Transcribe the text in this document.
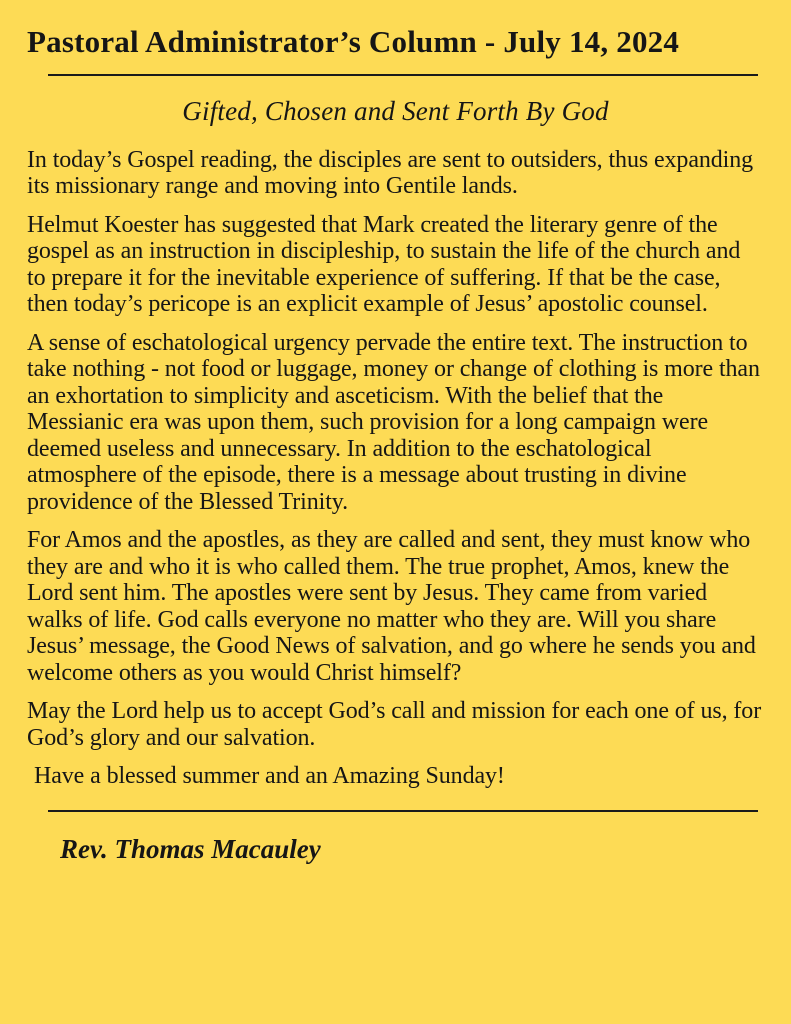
Pastoral Administrator’s Column - July 14, 2024
Gifted, Chosen and Sent Forth By God

In today’s Gospel reading, the disciples are sent to outsiders, thus expanding its missionary range and moving into Gentile lands.

Helmut Koester has suggested that Mark created the literary genre of the gospel as an instruction in discipleship, to sustain the life of the church and to prepare it for the inevitable experience of suffering. If that be the case, then today’s pericope is an explicit example of Jesus’ apostolic counsel.

A sense of eschatological urgency pervade the entire text. The instruction to take nothing - not food or luggage, money or change of clothing is more than an exhortation to simplicity and asceticism. With the belief that the Messianic era was upon them, such provision for a long campaign were deemed useless and unnecessary. In addition to the eschatological atmosphere of the episode, there is a message about trusting in divine providence of the Blessed Trinity.

For Amos and the apostles, as they are called and sent, they must know who they are and who it is who called them. The true prophet, Amos, knew the Lord sent him. The apostles were sent by Jesus. They came from varied walks of life. God calls everyone no matter who they are. Will you share Jesus’ message, the Good News of salvation, and go where he sends you and welcome others as you would Christ himself?

May the Lord help us to accept God’s call and mission for each one of us, for God’s glory and our salvation.

Have a blessed summer and an Amazing Sunday!

Rev. Thomas Macauley
